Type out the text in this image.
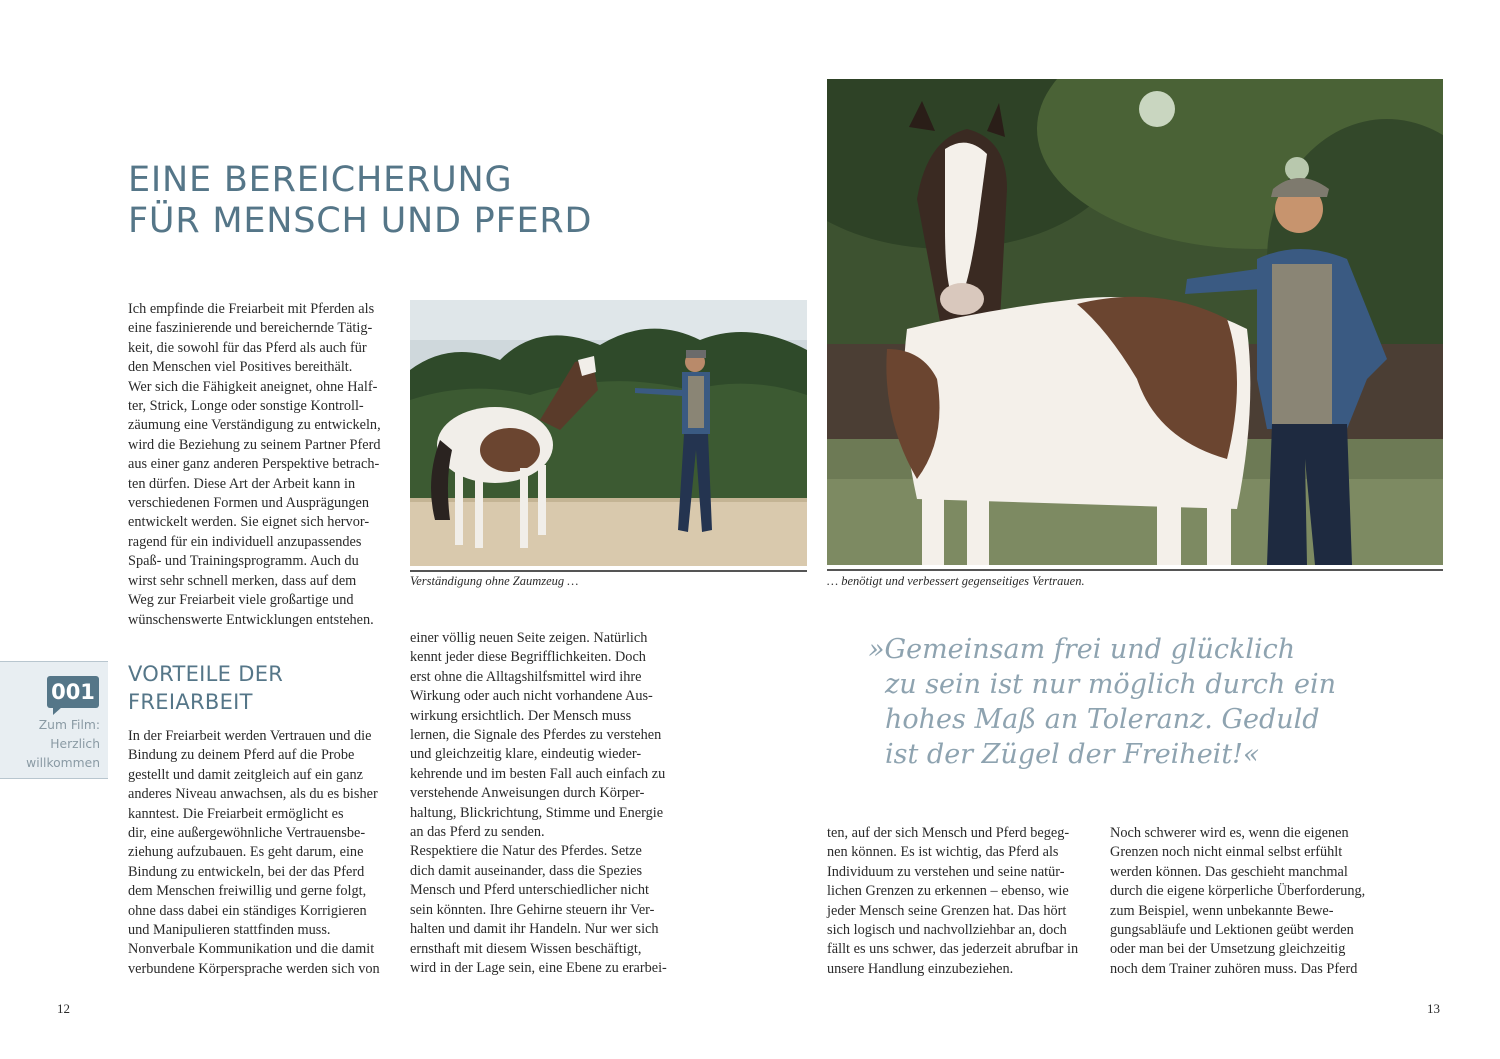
EINE BEREICHERUNG
FÜR MENSCH UND PFERD
Ich empfinde die Freiarbeit mit Pferden als
eine faszinierende und bereichernde Tätig-
keit, die sowohl für das Pferd als auch für
den Menschen viel Positives bereithält.
Wer sich die Fähigkeit aneignet, ohne Half-
ter, Strick, Longe oder sonstige Kontroll-
zäumung eine Verständigung zu entwickeln,
wird die Beziehung zu seinem Partner Pferd
aus einer ganz anderen Perspektive betrach-
ten dürfen. Diese Art der Arbeit kann in
verschiedenen Formen und Ausprägungen
entwickelt werden. Sie eignet sich hervor-
ragend für ein individuell anzupassendes
Spaß- und Trainingsprogramm. Auch du
wirst sehr schnell merken, dass auf dem
Weg zur Freiarbeit viele großartige und
wünschenswerte Entwicklungen entstehen.
VORTEILE DER
FREIARBEIT
001
Zum Film:
Herzlich
willkommen
In der Freiarbeit werden Vertrauen und die
Bindung zu deinem Pferd auf die Probe
gestellt und damit zeitgleich auf ein ganz
anderes Niveau anwachsen, als du es bisher
kanntest. Die Freiarbeit ermöglicht es
dir, eine außergewöhnliche Vertrauensbe-
ziehung aufzubauen. Es geht darum, eine
Bindung zu entwickeln, bei der das Pferd
dem Menschen freiwillig und gerne folgt,
ohne dass dabei ein ständiges Korrigieren
und Manipulieren stattfinden muss.
Nonverbale Kommunikation und die damit
verbundene Körpersprache werden sich von
Verständigung ohne Zaumzeug …
einer völlig neuen Seite zeigen. Natürlich
kennt jeder diese Begrifflichkeiten. Doch
erst ohne die Alltagshilfsmittel wird ihre
Wirkung oder auch nicht vorhandene Aus-
wirkung ersichtlich. Der Mensch muss
lernen, die Signale des Pferdes zu verstehen
und gleichzeitig klare, eindeutig wieder-
kehrende und im besten Fall auch einfach zu
verstehende Anweisungen durch Körper-
haltung, Blickrichtung, Stimme und Energie
an das Pferd zu senden.
Respektiere die Natur des Pferdes. Setze
dich damit auseinander, dass die Spezies
Mensch und Pferd unterschiedlicher nicht
sein könnten. Ihre Gehirne steuern ihr Ver-
halten und damit ihr Handeln. Nur wer sich
ernsthaft mit diesem Wissen beschäftigt,
wird in der Lage sein, eine Ebene zu erarbei-
… benötigt und verbessert gegenseitiges Vertrauen.
»Gemeinsam frei und glücklich
zu sein ist nur möglich durch ein
hohes Maß an Toleranz. Geduld
ist der Zügel der Freiheit!«
ten, auf der sich Mensch und Pferd begeg-
nen können. Es ist wichtig, das Pferd als
Individuum zu verstehen und seine natür-
lichen Grenzen zu erkennen – ebenso, wie
jeder Mensch seine Grenzen hat. Das hört
sich logisch und nachvollziehbar an, doch
fällt es uns schwer, das jederzeit abrufbar in
unsere Handlung einzubeziehen.
Noch schwerer wird es, wenn die eigenen
Grenzen noch nicht einmal selbst erfühlt
werden können. Das geschieht manchmal
durch die eigene körperliche Überforderung,
zum Beispiel, wenn unbekannte Bewe-
gungsabläufe und Lektionen geübt werden
oder man bei der Umsetzung gleichzeitig
noch dem Trainer zuhören muss. Das Pferd
12	13
